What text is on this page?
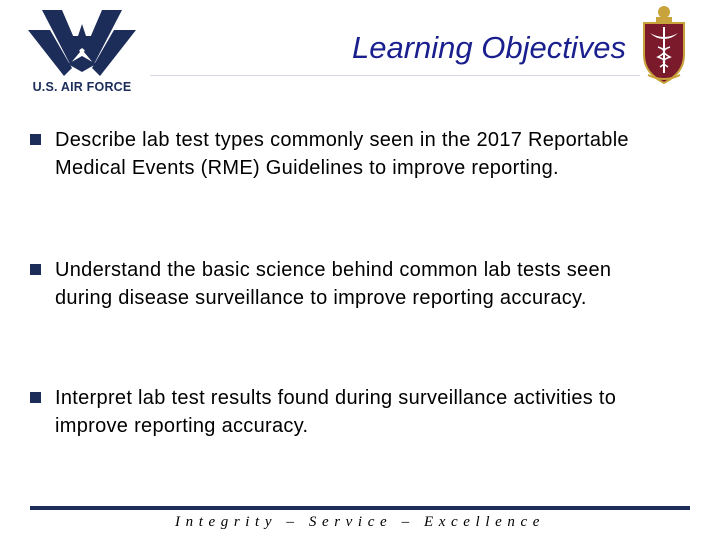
U.S. AIR FORCE
Learning Objectives
Describe lab test types commonly seen in the 2017 Reportable Medical Events (RME) Guidelines to improve reporting.
Understand the basic science behind common lab tests seen during disease surveillance to improve reporting accuracy.
Interpret lab test results found during surveillance activities to improve reporting accuracy.
Integrity – Service – Excellence
